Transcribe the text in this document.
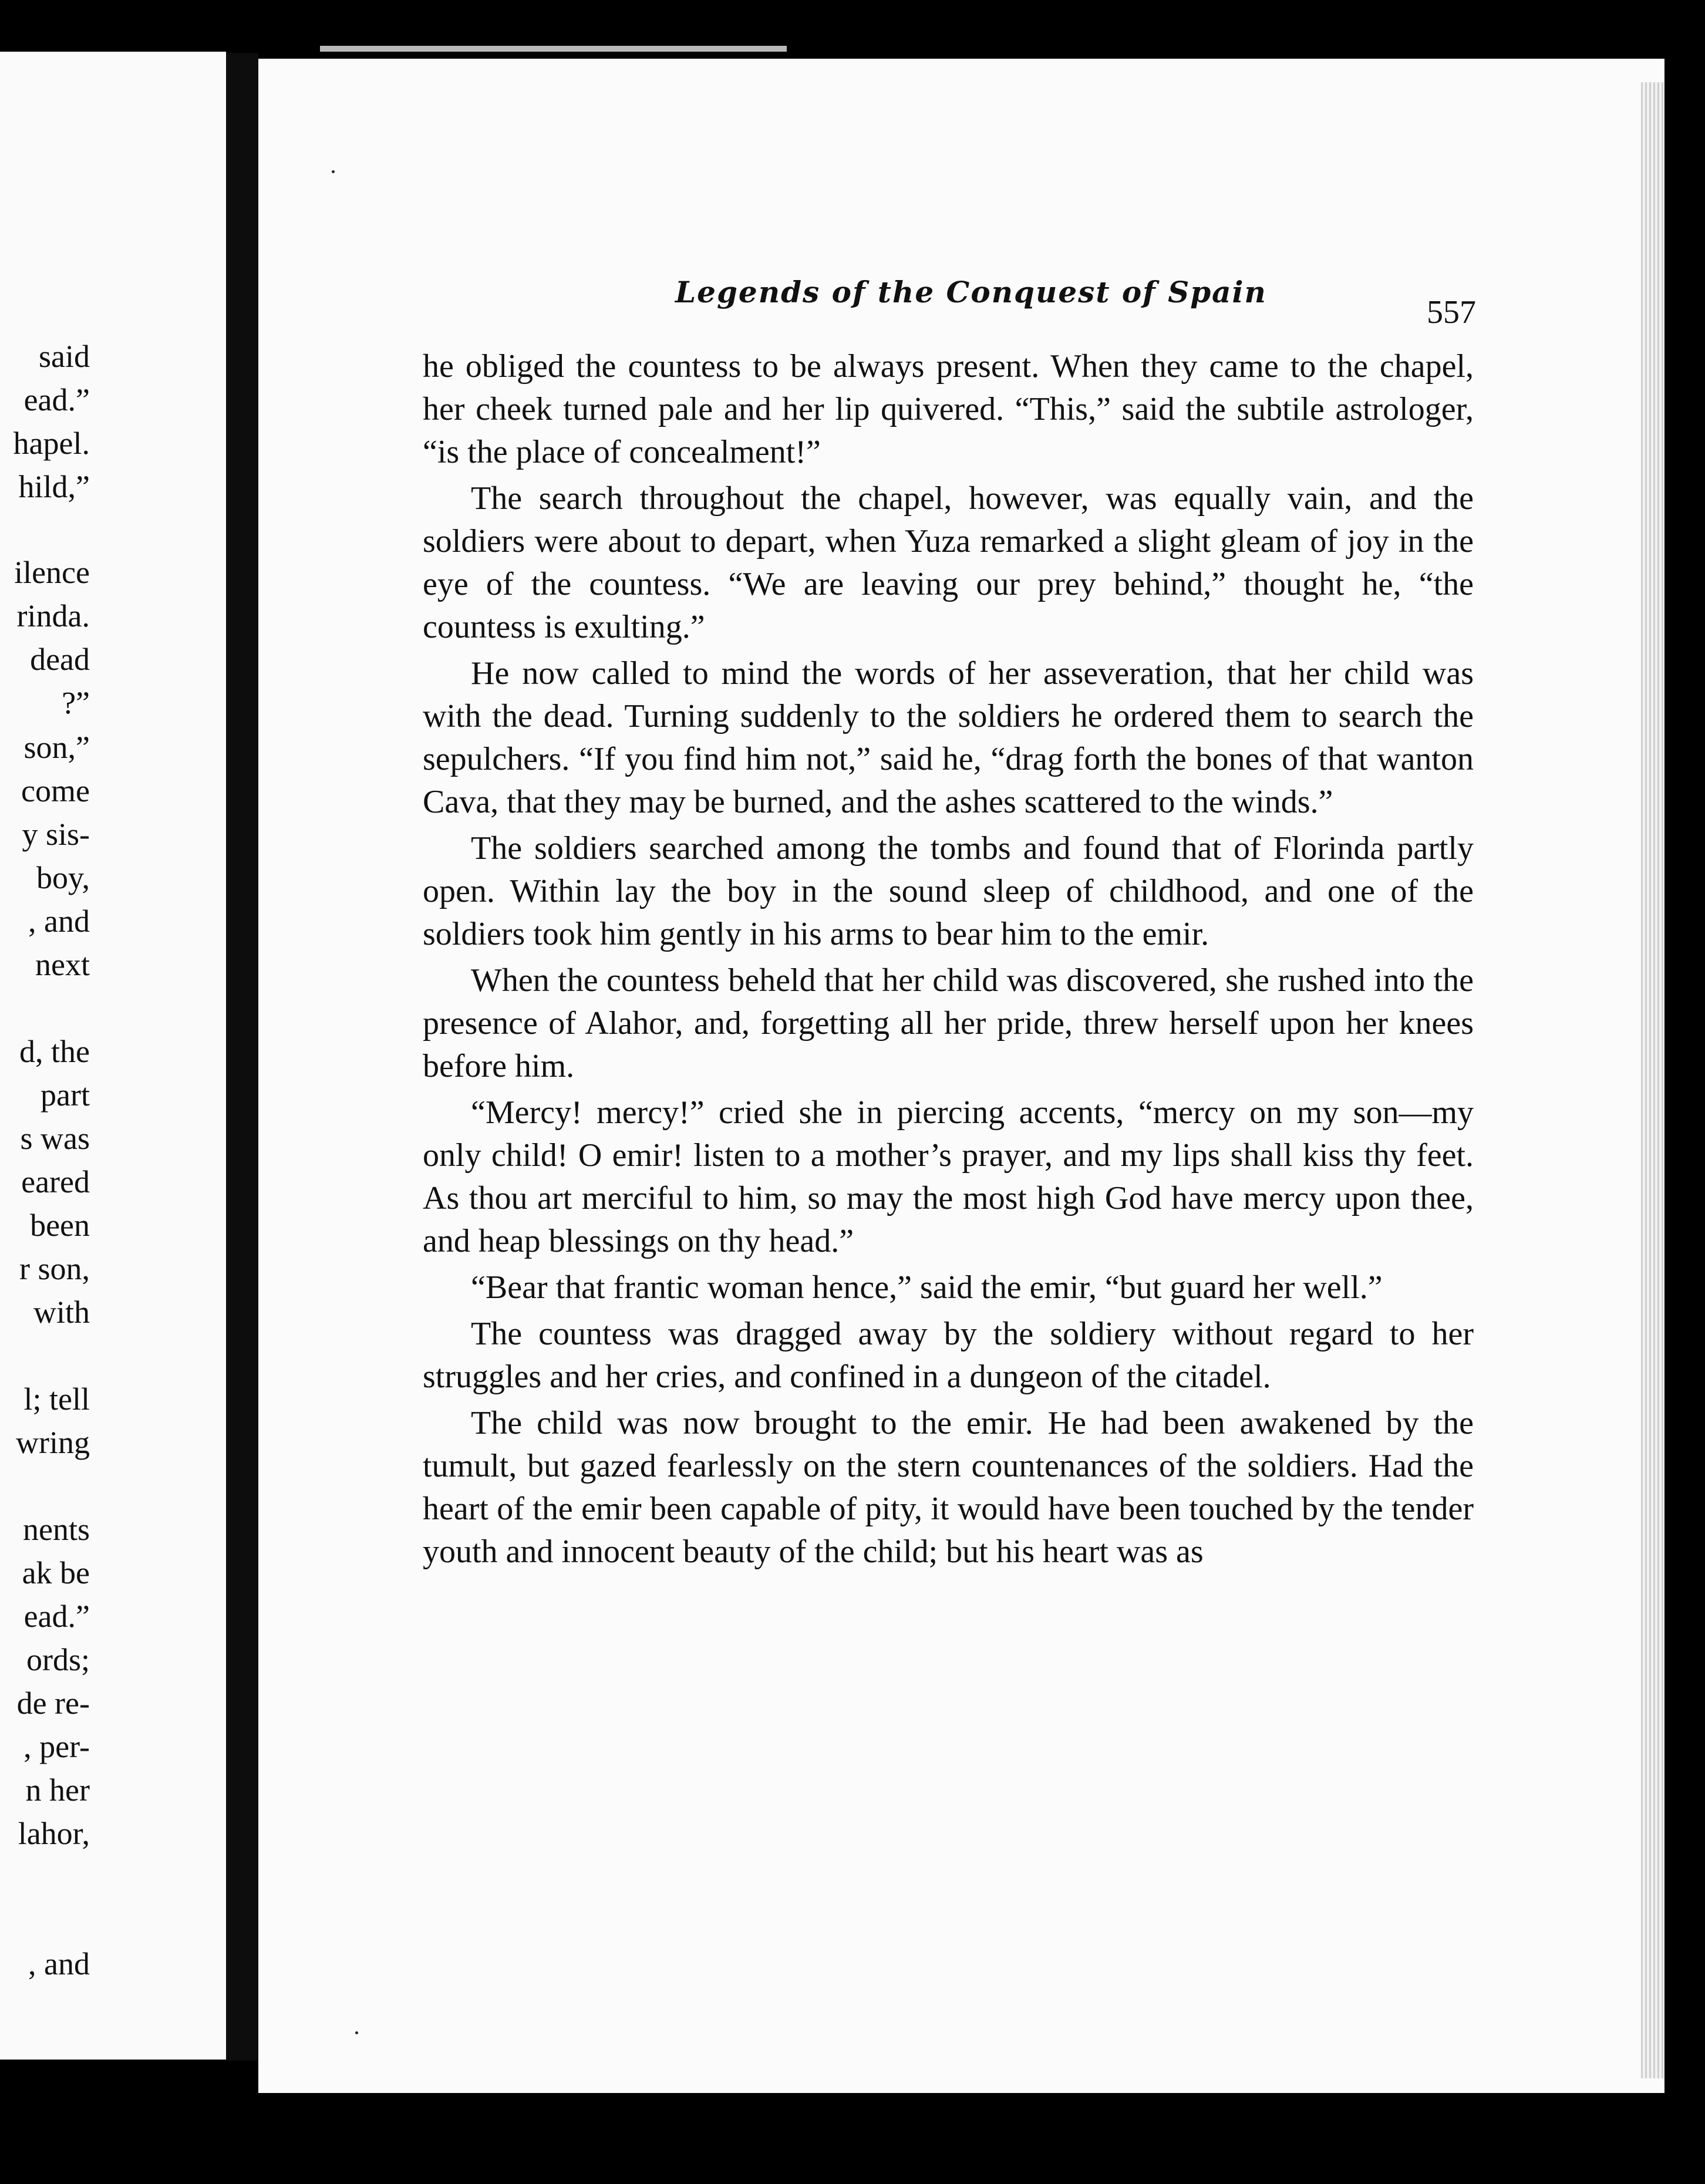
said

ead.”

hapel.

hild,”

ilence

rinda.

dead

?”

son,”

come

y sis-

boy,

, and

next

d, the

part

s was

eared

been

r son,

with

l; tell

wring

nents

ak be

ead.”

ords;

de re-

, per-

n her

lahor,

, and

Legends of the Conquest of Spain

557

he obliged the countess to be always present. When they came to the chapel, her cheek turned pale and her lip quivered. “This,” said the subtile astrologer, “is the place of concealment!”

The search throughout the chapel, however, was equally vain, and the soldiers were about to depart, when Yuza remarked a slight gleam of joy in the eye of the countess. “We are leaving our prey behind,” thought he, “the countess is exulting.”

He now called to mind the words of her asseveration, that her child was with the dead. Turning suddenly to the soldiers he ordered them to search the sepulchers. “If you find him not,” said he, “drag forth the bones of that wanton Cava, that they may be burned, and the ashes scattered to the winds.”

The soldiers searched among the tombs and found that of Florinda partly open. Within lay the boy in the sound sleep of childhood, and one of the soldiers took him gently in his arms to bear him to the emir.

When the countess beheld that her child was discovered, she rushed into the presence of Alahor, and, forgetting all her pride, threw herself upon her knees before him.

“Mercy! mercy!” cried she in piercing accents, “mercy on my son—my only child! O emir! listen to a mother’s prayer, and my lips shall kiss thy feet. As thou art merciful to him, so may the most high God have mercy upon thee, and heap blessings on thy head.”

“Bear that frantic woman hence,” said the emir, “but guard her well.”

The countess was dragged away by the soldiery without regard to her struggles and her cries, and confined in a dungeon of the citadel.

The child was now brought to the emir. He had been awakened by the tumult, but gazed fearlessly on the stern countenances of the soldiers. Had the heart of the emir been capable of pity, it would have been touched by the tender youth and innocent beauty of the child; but his heart was as
